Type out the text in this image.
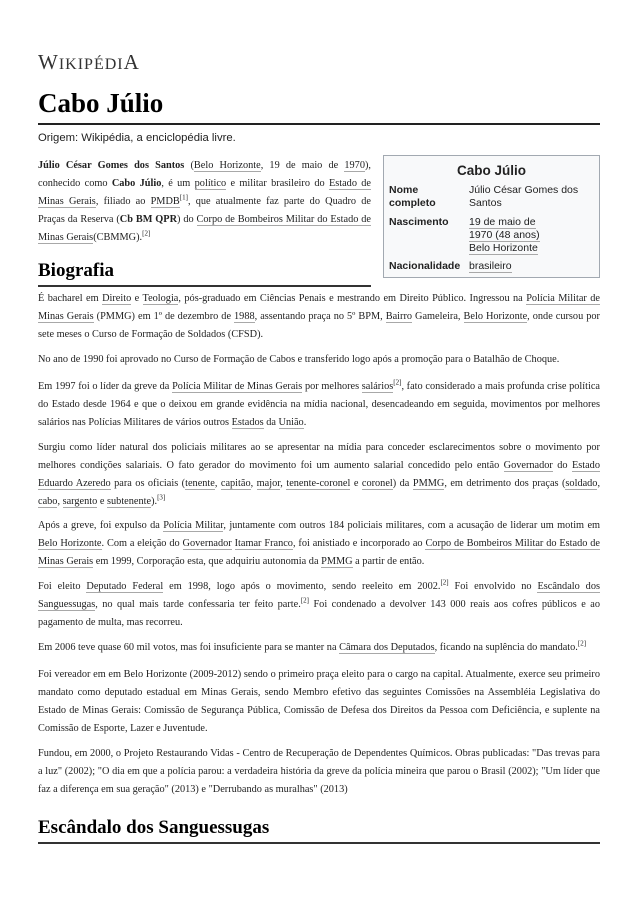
WIKIPÉDIA
Cabo Júlio
Origem: Wikipédia, a enciclopédia livre.
Júlio César Gomes dos Santos (Belo Horizonte, 19 de maio de 1970), conhecido como Cabo Júlio, é um político e militar brasileiro do Estado de Minas Gerais, filiado ao PMDB[1], que atualmente faz parte do Quadro de Praças da Reserva (Cb BM QPR) do Corpo de Bombeiros Militar do Estado de Minas Gerais(CBMMG).[2]
Cabo Júlio
Nome completo
Júlio César Gomes dos Santos
Nascimento	19 de maio de
1970 (48 anos)
Belo Horizonte
Nacionalidade brasileiro
Biografia
É bacharel em Direito e Teologia, pós-graduado em Ciências Penais e mestrando em Direito Público. Ingressou na Polícia Militar de Minas Gerais (PMMG) em 1º de dezembro de 1988, assentando praça no 5º BPM, Bairro Gameleira, Belo Horizonte, onde cursou por sete meses o Curso de Formação de Soldados (CFSD).
No ano de 1990 foi aprovado no Curso de Formação de Cabos e transferido logo após a promoção para o Batalhão de Choque.
Em 1997 foi o líder da greve da Polícia Militar de Minas Gerais por melhores salários[2], fato considerado a mais profunda crise política do Estado desde 1964 e que o deixou em grande evidência na mídia nacional, desencadeando em seguida, movimentos por melhores salários nas Polícias Militares de vários outros Estados da União.
Surgiu como líder natural dos policiais militares ao se apresentar na mídia para conceder esclarecimentos sobre o movimento por melhores condições salariais. O fato gerador do movimento foi um aumento salarial concedido pelo então Governador do Estado Eduardo Azeredo para os oficiais (tenente, capitão, major, tenente-coronel e coronel) da PMMG, em detrimento dos praças (soldado, cabo, sargento e subtenente).[3]
Após a greve, foi expulso da Polícia Militar, juntamente com outros 184 policiais militares, com a acusação de liderar um motim em Belo Horizonte. Com a eleição do Governador Itamar Franco, foi anistiado e incorporado ao Corpo de Bombeiros Militar do Estado de Minas Gerais em 1999, Corporação esta, que adquiriu autonomia da PMMG a partir de então.
Foi eleito Deputado Federal em 1998, logo após o movimento, sendo reeleito em 2002.[2] Foi envolvido no Escândalo dos Sanguessugas, no qual mais tarde confessaria ter feito parte.[2] Foi condenado a devolver 143 000 reais aos cofres públicos e ao pagamento de multa, mas recorreu.
Em 2006 teve quase 60 mil votos, mas foi insuficiente para se manter na Câmara dos Deputados, ficando na suplência do mandato.[2]
Foi vereador em em Belo Horizonte (2009-2012) sendo o primeiro praça eleito para o cargo na capital. Atualmente, exerce seu primeiro mandato como deputado estadual em Minas Gerais, sendo Membro efetivo das seguintes Comissões na Assembléia Legislativa do Estado de Minas Gerais: Comissão de Segurança Pública, Comissão de Defesa dos Direitos da Pessoa com Deficiência, e suplente na Comissão de Esporte, Lazer e Juventude.
Fundou, em 2000, o Projeto Restaurando Vidas - Centro de Recuperação de Dependentes Químicos. Obras publicadas: "Das trevas para a luz" (2002); "O dia em que a polícia parou: a verdadeira história da greve da polícia mineira que parou o Brasil (2002); "Um líder que faz a diferença em sua geração" (2013) e "Derrubando as muralhas" (2013)
Escândalo dos Sanguessugas
